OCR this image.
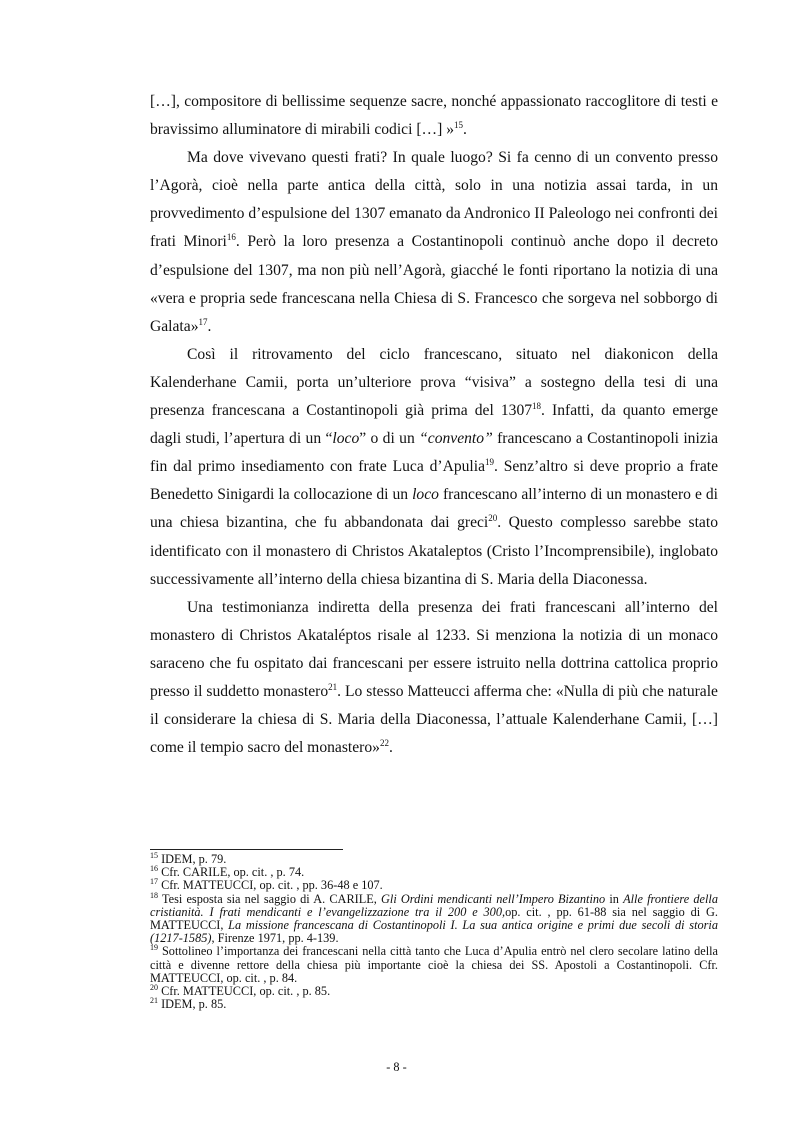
[…], compositore di bellissime sequenze sacre, nonché appassionato raccoglitore di testi e bravissimo alluminatore di mirabili codici […] »$^{15}$.

Ma dove vivevano questi frati? In quale luogo? Si fa cenno di un convento presso l’Agorà, cioè nella parte antica della città, solo in una notizia assai tarda, in un provvedimento d’espulsione del 1307 emanato da Andronico II Paleologo nei confronti dei frati Minori$^{16}$. Però la loro presenza a Costantinopoli continuò anche dopo il decreto d’espulsione del 1307, ma non più nell’Agorà, giacché le fonti riportano la notizia di una «vera e propria sede francescana nella Chiesa di S. Francesco che sorgeva nel sobborgo di Galata»$^{17}$.

Così il ritrovamento del ciclo francescano, situato nel diakonicon della Kalenderhane Camii, porta un’ulteriore prova “visiva” a sostegno della tesi di una presenza francescana a Costantinopoli già prima del 1307$^{18}$. Infatti, da quanto emerge dagli studi, l’apertura di un “loco” o di un “convento” francescano a Costantinopoli inizia fin dal primo insediamento con frate Luca d’Apulia$^{19}$. Senz’altro si deve proprio a frate Benedetto Sinigardi la collocazione di un loco francescano all’interno di un monastero e di una chiesa bizantina, che fu abbandonata dai greci$^{20}$. Questo complesso sarebbe stato identificato con il monastero di Christos Akataleptos (Cristo l’Incomprensibile), inglobato successivamente all’interno della chiesa bizantina di S. Maria della Diaconessa.

Una testimonianza indiretta della presenza dei frati francescani all’interno del monastero di Christos Akataléptos risale al 1233. Si menziona la notizia di un monaco saraceno che fu ospitato dai francescani per essere istruito nella dottrina cattolica proprio presso il suddetto monastero$^{21}$. Lo stesso Matteucci afferma che: «Nulla di più che naturale il considerare la chiesa di S. Maria della Diaconessa, l’attuale Kalenderhane Camii, […] come il tempio sacro del monastero»$^{22}$.

$^{15}$ IDEM, p. 79.

$^{16}$ Cfr. CARILE, op. cit. , p. 74.

$^{17}$ Cfr. MATTEUCCI, op. cit. , pp. 36-48 e 107.

$^{18}$ Tesi esposta sia nel saggio di A. CARILE, Gli Ordini mendicanti nell’Impero Bizantino in Alle frontiere della cristianità. I frati mendicanti e l’evangelizzazione tra il 200 e 300,op. cit. , pp. 61-88 sia nel saggio di G. MATTEUCCI, La missione francescana di Costantinopoli I. La sua antica origine e primi due secoli di storia (1217-1585), Firenze 1971, pp. 4-139.

$^{19}$ Sottolineo l’importanza dei francescani nella città tanto che Luca d’Apulia entrò nel clero secolare latino della città e divenne rettore della chiesa più importante cioè la chiesa dei SS. Apostoli a Costantinopoli. Cfr. MATTEUCCI, op. cit. , p. 84.

$^{20}$ Cfr. MATTEUCCI, op. cit. , p. 85.

$^{21}$ IDEM, p. 85.

- 8 -
